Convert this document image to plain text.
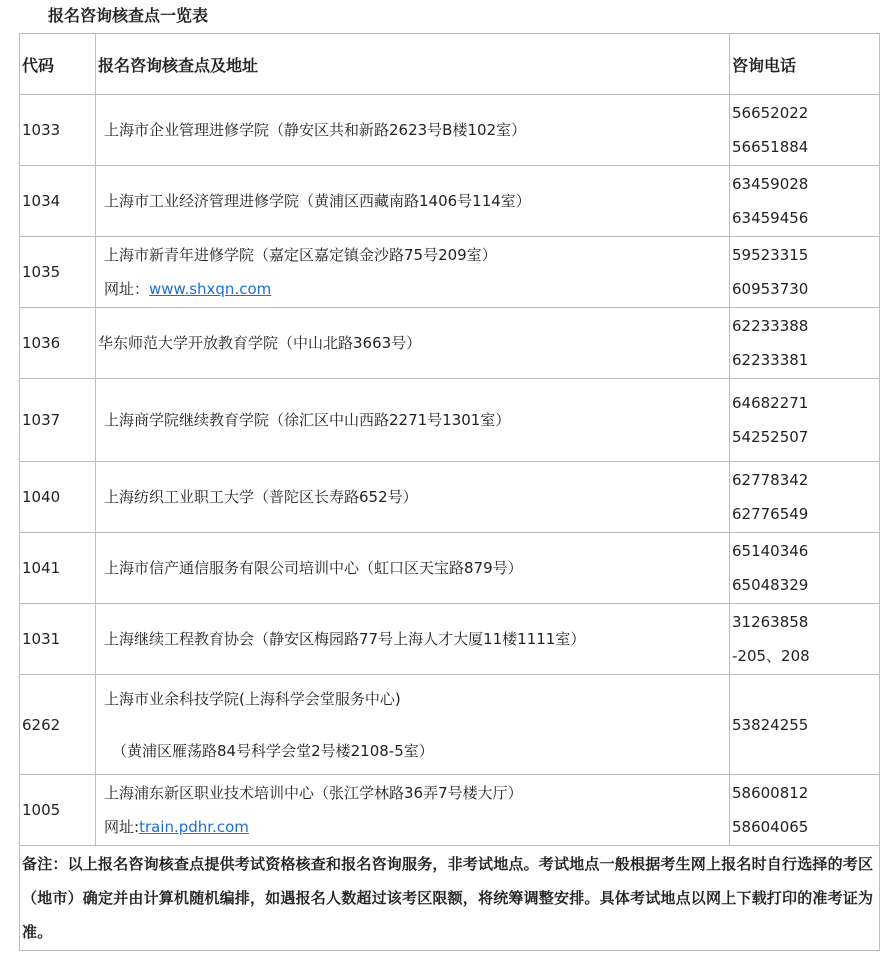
报名咨询核查点一览表
代码	报名咨询核查点及地址	咨询电话
1033	上海市企业管理进修学院（静安区共和新路2623号B楼102室）	56652022
56651884

1034	上海市工业经济管理进修学院（黄浦区西藏南路1406号114室）	63459028
63459456

1035	上海市新青年进修学院（嘉定区嘉定镇金沙路75号209室）
网址：www.shxqn.com	59523315
60953730

1036	华东师范大学开放教育学院（中山北路3663号）	62233388
62233381

1037	上海商学院继续教育学院（徐汇区中山西路2271号1301室）	64682271
54252507

1040	上海纺织工业职工大学（普陀区长寿路652号）	62778342
62776549

1041	上海市信产通信服务有限公司培训中心（虹口区天宝路879号）	65140346
65048329

1031	上海继续工程教育协会（静安区梅园路77号上海人才大厦11楼1111室）	31263858
-205、208

6262	上海市业余科技学院(上海科学会堂服务中心)
（黄浦区雁荡路84号科学会堂2号楼2108-5室）	53824255

1005	上海浦东新区职业技术培训中心（张江学林路36弄7号楼大厅）
网址:train.pdhr.com	58600812
58604065

备注：以上报名咨询核查点提供考试资格核查和报名咨询服务，非考试地点。考试地点一般根据考生网上报名时自行选择的考区（地市）确定并由计算机随机编排，如遇报名人数超过该考区限额，将统筹调整安排。具体考试地点以网上下载打印的准考证为准。		
